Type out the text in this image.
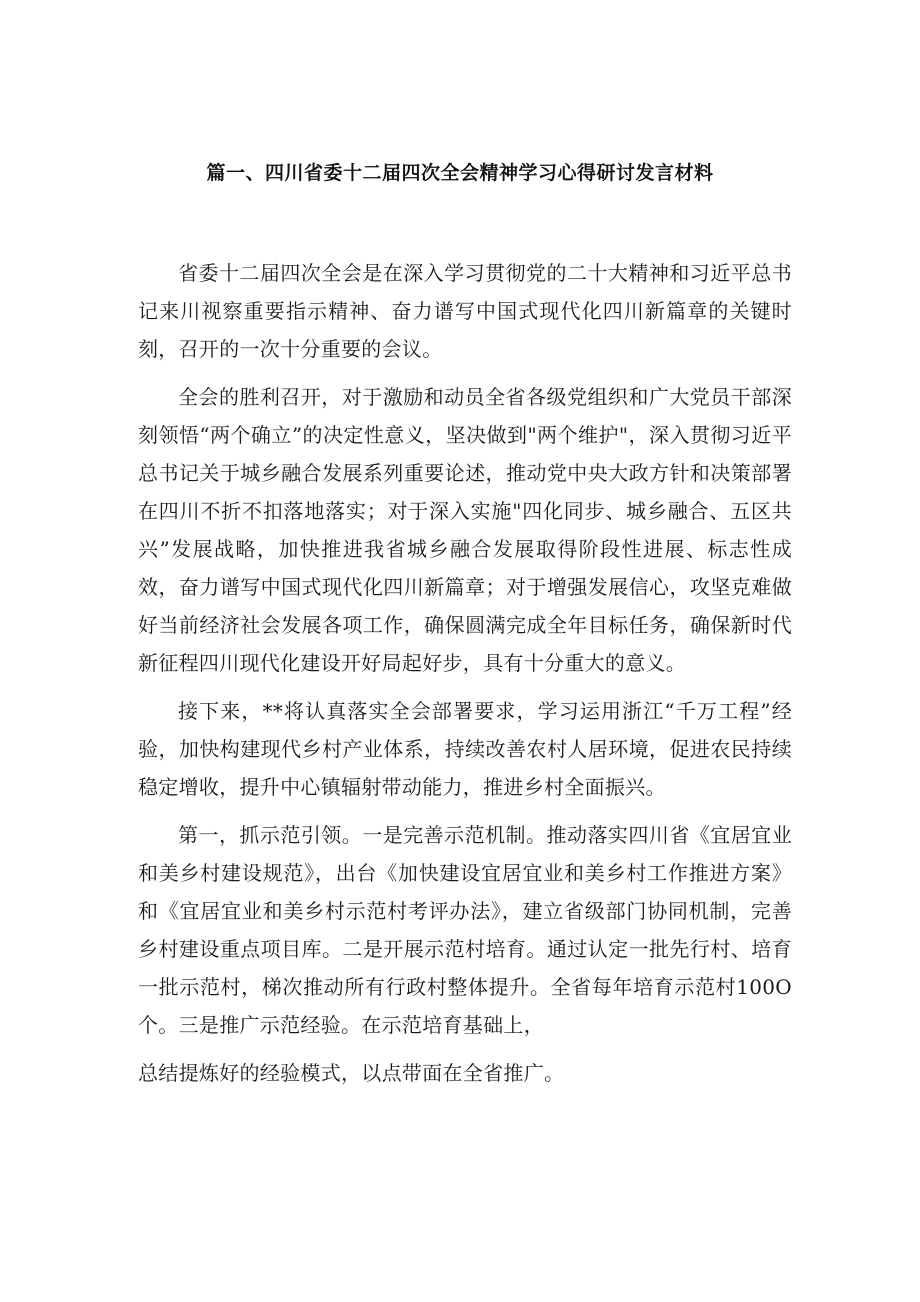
篇一、四川省委十二届四次全会精神学习心得研讨发言材料

省委十二届四次全会是在深入学习贯彻党的二十大精神和习近平总书记来川视察重要指示精神、奋力谱写中国式现代化四川新篇章的关键时刻，召开的一次十分重要的会议。

全会的胜利召开，对于激励和动员全省各级党组织和广大党员干部深刻领悟“两个确立”的决定性意义，坚决做到"两个维护"，深入贯彻习近平总书记关于城乡融合发展系列重要论述，推动党中央大政方针和决策部署在四川不折不扣落地落实；对于深入实施"四化同步、城乡融合、五区共兴”发展战略，加快推进我省城乡融合发展取得阶段性进展、标志性成效，奋力谱写中国式现代化四川新篇章；对于增强发展信心，攻坚克难做好当前经济社会发展各项工作，确保圆满完成全年目标任务，确保新时代新征程四川现代化建设开好局起好步，具有十分重大的意义。

接下来，**将认真落实全会部署要求，学习运用浙江“千万工程”经验，加快构建现代乡村产业体系，持续改善农村人居环境，促进农民持续稳定增收，提升中心镇辐射带动能力，推进乡村全面振兴。

第一，抓示范引领。一是完善示范机制。推动落实四川省《宜居宜业和美乡村建设规范》，出台《加快建设宜居宜业和美乡村工作推进方案》和《宜居宜业和美乡村示范村考评办法》，建立省级部门协同机制，完善乡村建设重点项目库。二是开展示范村培育。通过认定一批先行村、培育一批示范村，梯次推动所有行政村整体提升。全省每年培育示范村100O个。三是推广示范经验。在示范培育基础上，

总结提炼好的经验模式，以点带面在全省推广。
